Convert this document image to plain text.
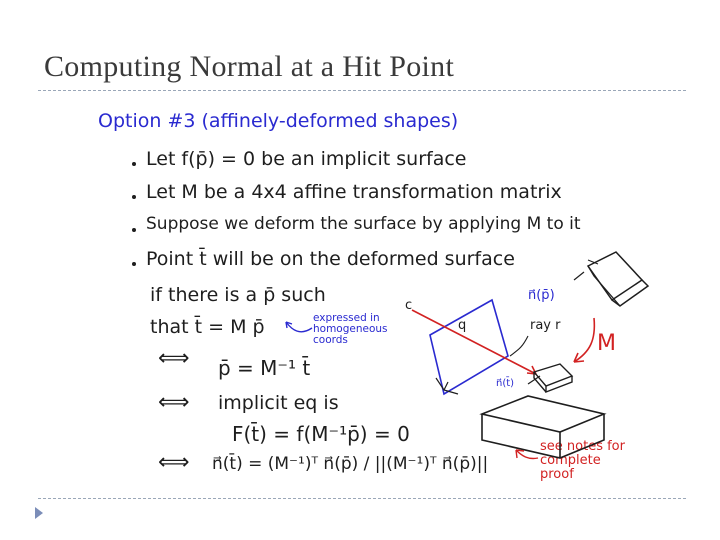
Computing Normal at a Hit Point
Option #3 (affinely-deformed shapes)
Let f(p̄) = 0 be an implicit surface
Let M be a 4x4 affine transformation matrix
Suppose we deform the surface by applying M to it
Point t̄ will be on the deformed surface
if there is a p̄ such
that t̄ = M p̄	expressed in homogeneous coords
⟺ p̄ = M⁻¹ t̄
⟺ implicit eq is
F(t̄) = f(M⁻¹p̄) = 0
⟺ n⃗(t̄) = (M⁻¹)ᵀ n⃗(p̄) / ||(M⁻¹)ᵀ n⃗(p̄)||
see notes for complete proof
c
q	ray r
n⃗(p̄)
n⃗(t̄)
M
